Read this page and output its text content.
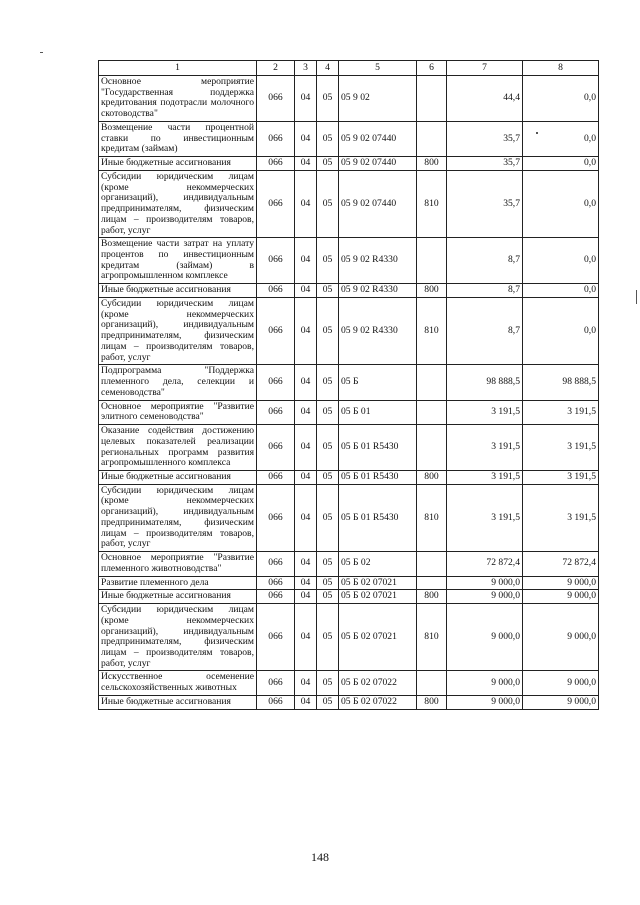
1	2	3	4	5	6	7	8
Основное мероприятие "Государственная поддержка кредитования подотрасли молочного скотоводства"	066	04	05	05 9 02		44,4	0,0
Возмещение части процентной ставки по инвестиционным кредитам (займам)	066	04	05	05 9 02 07440		35,7	0,0
Иные бюджетные ассигнования	066	04	05	05 9 02 07440	800	35,7	0,0
Субсидии юридическим лицам (кроме некоммерческих организаций), индивидуальным предпринимателям, физическим лицам – производителям товаров, работ, услуг	066	04	05	05 9 02 07440	810	35,7	0,0
Возмещение части затрат на уплату процентов по инвестиционным кредитам (займам) в агропромышленном комплексе	066	04	05	05 9 02 R4330		8,7	0,0
Иные бюджетные ассигнования	066	04	05	05 9 02 R4330	800	8,7	0,0
Субсидии юридическим лицам (кроме некоммерческих организаций), индивидуальным предпринимателям, физическим лицам – производителям товаров, работ, услуг	066	04	05	05 9 02 R4330	810	8,7	0,0
Подпрограмма "Поддержка племенного дела, селекции и семеноводства"	066	04	05	05 Б		98 888,5	98 888,5
Основное мероприятие "Развитие элитного семеноводства"	066	04	05	05 Б 01		3 191,5	3 191,5
Оказание содействия достижению целевых показателей реализации региональных программ развития агропромышленного комплекса	066	04	05	05 Б 01 R5430		3 191,5	3 191,5
Иные бюджетные ассигнования	066	04	05	05 Б 01 R5430	800	3 191,5	3 191,5
Субсидии юридическим лицам (кроме некоммерческих организаций), индивидуальным предпринимателям, физическим лицам – производителям товаров, работ, услуг	066	04	05	05 Б 01 R5430	810	3 191,5	3 191,5
Основное мероприятие "Развитие племенного животноводства"	066	04	05	05 Б 02		72 872,4	72 872,4
Развитие племенного дела	066	04	05	05 Б 02 07021		9 000,0	9 000,0
Иные бюджетные ассигнования	066	04	05	05 Б 02 07021	800	9 000,0	9 000,0
Субсидии юридическим лицам (кроме некоммерческих организаций), индивидуальным предпринимателям, физическим лицам – производителям товаров, работ, услуг	066	04	05	05 Б 02 07021	810	9 000,0	9 000,0
Искусственное осеменение сельскохозяйственных животных	066	04	05	05 Б 02 07022		9 000,0	9 000,0
Иные бюджетные ассигнования	066	04	05	05 Б 02 07022	800	9 000,0	9 000,0
148
